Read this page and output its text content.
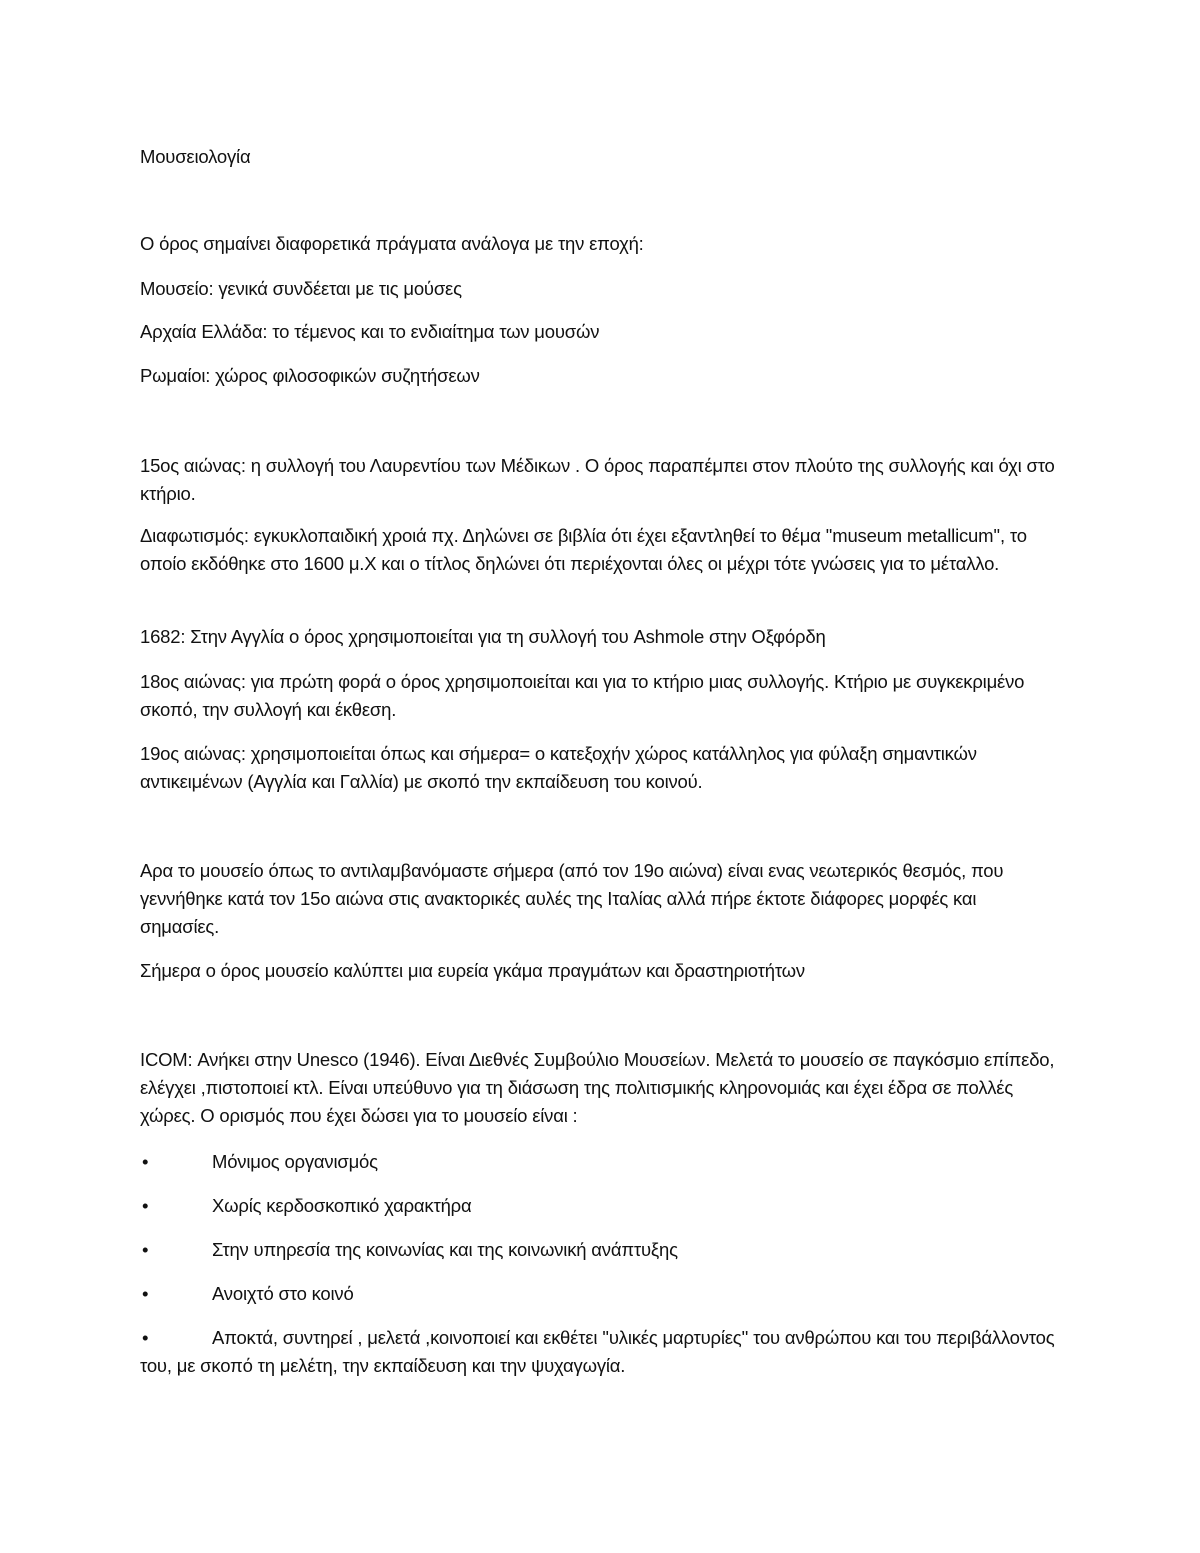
Μουσειολογία

Ο όρος σημαίνει διαφορετικά πράγματα ανάλογα με την εποχή:

Μουσείο: γενικά συνδέεται με τις μούσες

Αρχαία Ελλάδα: το τέμενος και το ενδιαίτημα των μουσών

Ρωμαίοι: χώρος φιλοσοφικών συζητήσεων

15ος αιώνας: η συλλογή του Λαυρεντίου των Μέδικων . Ο όρος παραπέμπει στον πλούτο της συλλογής και όχι στο κτήριο.

Διαφωτισμός: εγκυκλοπαιδική χροιά πχ. Δηλώνει σε βιβλία ότι έχει εξαντληθεί το θέμα ''museum metallicum'', το οποίο εκδόθηκε στο 1600 μ.Χ και ο τίτλος δηλώνει ότι περιέχονται όλες οι μέχρι τότε γνώσεις για το μέταλλο.

1682: Στην Αγγλία ο όρος χρησιμοποιείται για τη συλλογή του Ashmole στην Οξφόρδη

18ος αιώνας: για πρώτη φορά ο όρος χρησιμοποιείται και για το κτήριο μιας συλλογής. Κτήριο με συγκεκριμένο σκοπό, την συλλογή και έκθεση.

19ος αιώνας: χρησιμοποιείται όπως και σήμερα= ο κατεξοχήν χώρος κατάλληλος για φύλαξη σημαντικών αντικειμένων (Αγγλία και Γαλλία) με σκοπό την εκπαίδευση του κοινού.

Αρα το μουσείο όπως το αντιλαμβανόμαστε σήμερα (από τον 19ο αιώνα) είναι ενας νεωτερικός θεσμός, που γεννήθηκε κατά τον 15ο αιώνα στις ανακτορικές αυλές της Ιταλίας αλλά πήρε έκτοτε διάφορες μορφές και σημασίες.

Σήμερα ο όρος μουσείο καλύπτει μια ευρεία γκάμα πραγμάτων και δραστηριοτήτων

ICOM: Ανήκει στην Unesco (1946). Είναι Διεθνές Συμβούλιο Μουσείων. Μελετά το μουσείο σε παγκόσμιο επίπεδο, ελέγχει ,πιστοποιεί κτλ. Είναι υπεύθυνο για τη διάσωση της πολιτισμικής κληρονομιάς και έχει έδρα σε πολλές χώρες. Ο ορισμός που έχει δώσει για το μουσείο είναι :

•	Μόνιμος οργανισμός
•	Χωρίς κερδοσκοπικό χαρακτήρα
•	Στην υπηρεσία της κοινωνίας και της κοινωνική ανάπτυξης
•	Ανοιχτό στο κοινό
•	Αποκτά, συντηρεί , μελετά ,κοινοποιεί και εκθέτει ''υλικές μαρτυρίες'' του ανθρώπου και του περιβάλλοντος του, με σκοπό τη μελέτη, την εκπαίδευση και την ψυχαγωγία.
